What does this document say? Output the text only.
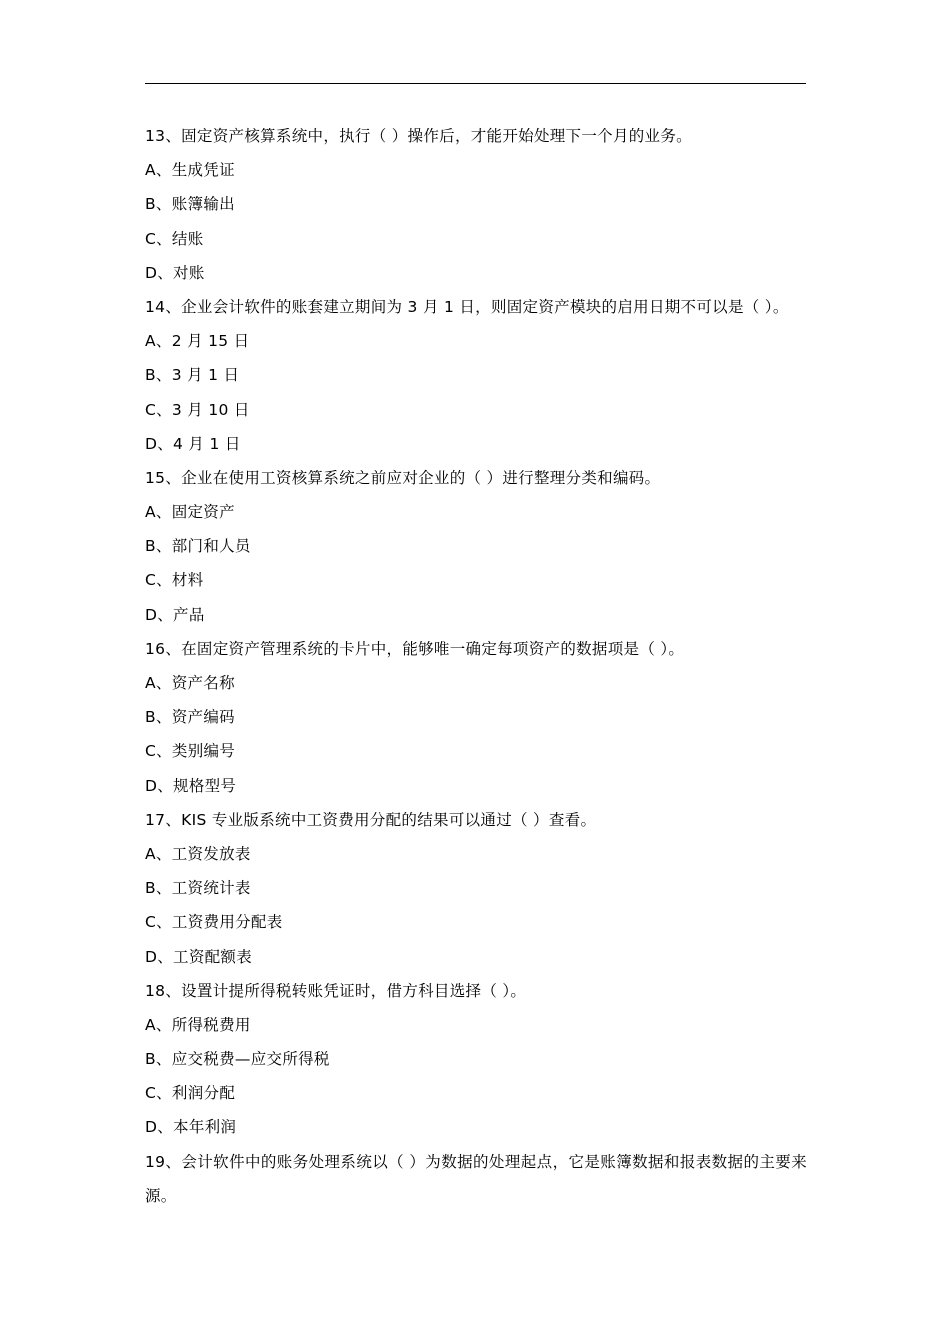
13、固定资产核算系统中，执行（ ）操作后，才能开始处理下一个月的业务。
A、生成凭证
B、账簿输出
C、结账
D、对账
14、企业会计软件的账套建立期间为 3 月 1 日，则固定资产模块的启用日期不可以是（ ）。
A、2 月 15 日
B、3 月 1 日
C、3 月 10 日
D、4 月 1 日
15、企业在使用工资核算系统之前应对企业的（ ）进行整理分类和编码。
A、固定资产
B、部门和人员
C、材料
D、产品
16、在固定资产管理系统的卡片中，能够唯一确定每项资产的数据项是（ ）。
A、资产名称
B、资产编码
C、类别编号
D、规格型号
17、KIS 专业版系统中工资费用分配的结果可以通过（ ）查看。
A、工资发放表
B、工资统计表
C、工资费用分配表
D、工资配额表
18、设置计提所得税转账凭证时，借方科目选择（ ）。
A、所得税费用
B、应交税费—应交所得税
C、利润分配
D、本年利润
19、会计软件中的账务处理系统以（ ）为数据的处理起点，它是账簿数据和报表数据的主要来源。
